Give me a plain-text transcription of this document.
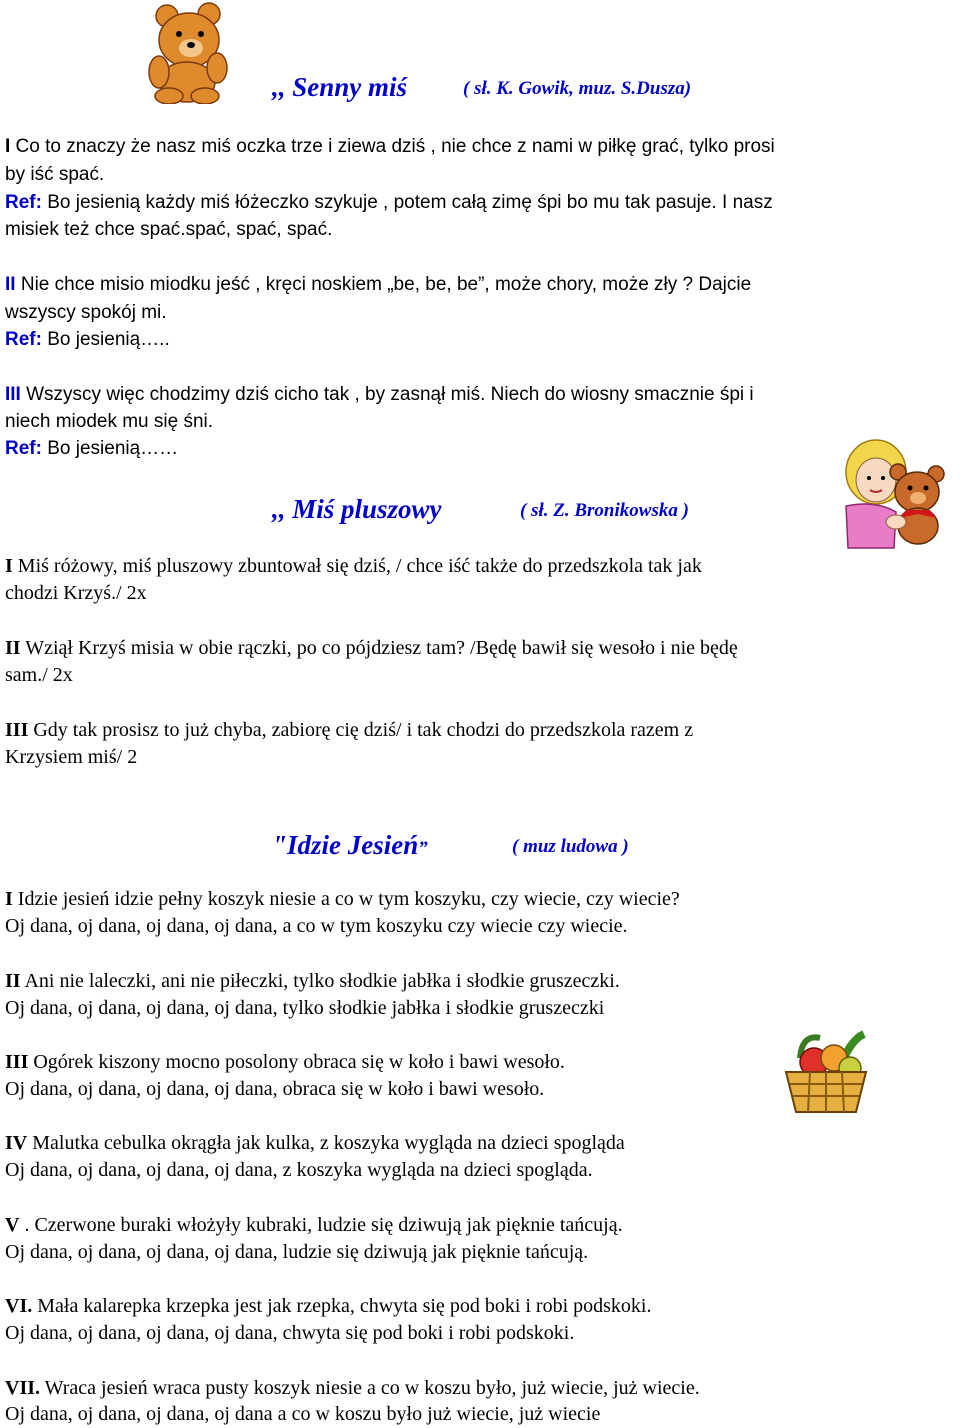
,, Senny miś	( sł. K. Gowik, muz. S.Dusza)
I Co to znaczy że nasz miś oczka trze i ziewa dziś , nie chce z nami w piłkę grać, tylko prosi
by iść spać.
Ref: Bo jesienią każdy miś łóżeczko szykuje , potem całą zimę śpi bo mu tak pasuje. I nasz
misiek też chce spać.spać, spać, spać.
II Nie chce misio miodku jeść , kręci noskiem „be, be, be”, może chory, może zły ? Dajcie
wszyscy spokój mi.
Ref: Bo jesienią…..
III Wszyscy więc chodzimy dziś cicho tak , by zasnął miś. Niech do wiosny smacznie śpi i
niech miodek mu się śni.
Ref: Bo jesienią……
,, Miś pluszowy	( sł. Z. Bronikowska )
I Miś różowy, miś pluszowy zbuntował się dziś, / chce iść także do przedszkola tak jak
chodzi Krzyś./ 2x
II Wziął Krzyś misia w obie rączki, po co pójdziesz tam? /Będę bawił się wesoło i nie będę
sam./ 2x
III Gdy tak prosisz to już chyba, zabiorę cię dziś/ i tak chodzi do przedszkola razem z
Krzysiem miś/ 2
"Idzie Jesień”	( muz ludowa )
I Idzie jesień idzie pełny koszyk niesie a co w tym koszyku, czy wiecie, czy wiecie?
Oj dana, oj dana, oj dana, oj dana, a co w tym koszyku czy wiecie czy wiecie.
II Ani nie laleczki, ani nie piłeczki, tylko słodkie jabłka i słodkie gruszeczki.
Oj dana, oj dana, oj dana, oj dana, tylko słodkie jabłka i słodkie gruszeczki
III Ogórek kiszony mocno posolony obraca się w koło i bawi wesoło.
Oj dana, oj dana, oj dana, oj dana, obraca się w koło i bawi wesoło.
IV Malutka cebulka okrągła jak kulka, z koszyka wygląda na dzieci spogląda
Oj dana, oj dana, oj dana, oj dana, z koszyka wygląda na dzieci spogląda.
V . Czerwone buraki włożyły kubraki, ludzie się dziwują jak pięknie tańcują.
Oj dana, oj dana, oj dana, oj dana, ludzie się dziwują jak pięknie tańcują.
VI. Mała kalarepka krzepka jest jak rzepka, chwyta się pod boki i robi podskoki.
Oj dana, oj dana, oj dana, oj dana, chwyta się pod boki i robi podskoki.
VII. Wraca jesień wraca pusty koszyk niesie a co w koszu było, już wiecie, już wiecie.
Oj dana, oj dana, oj dana, oj dana a co w koszu było już wiecie, już wiecie
